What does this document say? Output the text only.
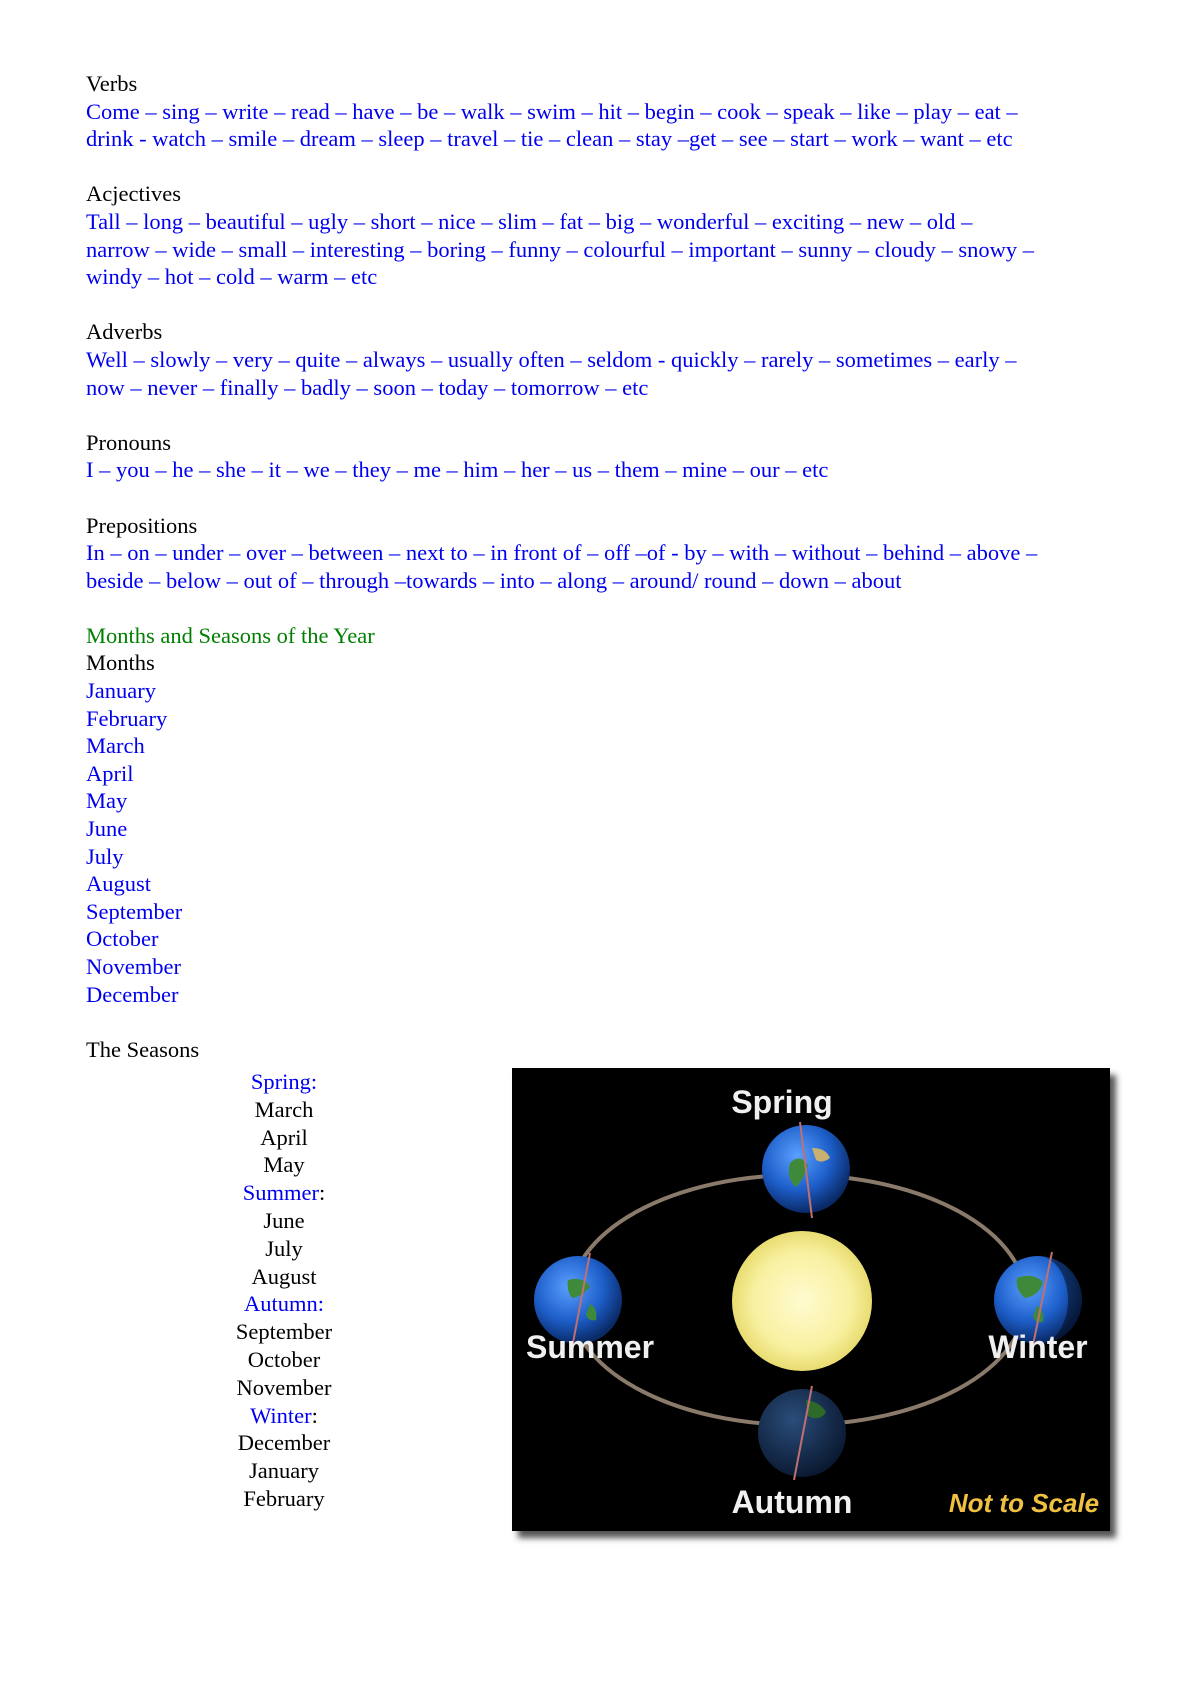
Verbs

Come – sing – write – read – have – be – walk – swim – hit – begin – cook – speak – like – play – eat –

drink - watch – smile – dream – sleep – travel – tie – clean – stay –get – see – start – work – want – etc

Acjectives

Tall – long – beautiful – ugly – short – nice – slim – fat – big – wonderful – exciting – new – old –

narrow – wide – small – interesting – boring – funny – colourful – important – sunny – cloudy – snowy –

windy – hot – cold – warm – etc

Adverbs

Well – slowly – very – quite – always – usually often – seldom - quickly – rarely – sometimes – early –

now – never – finally – badly – soon – today – tomorrow – etc

Pronouns

I – you – he – she – it – we – they – me – him – her – us – them – mine – our – etc

Prepositions

In – on – under – over – between – next to – in front of – off –of - by – with – without – behind – above –

beside – below – out of – through –towards – into – along – around/ round – down – about

Months and Seasons of the Year

Months

January

February

March

April

May

June

July

August

September

October

November

December

The Seasons

Spring:
March
April
May
Summer:
June
July
August
Autumn:
September
October
November
Winter:
December
January
February
Spring
Summer	Winter
Autumn	Not to Scale
